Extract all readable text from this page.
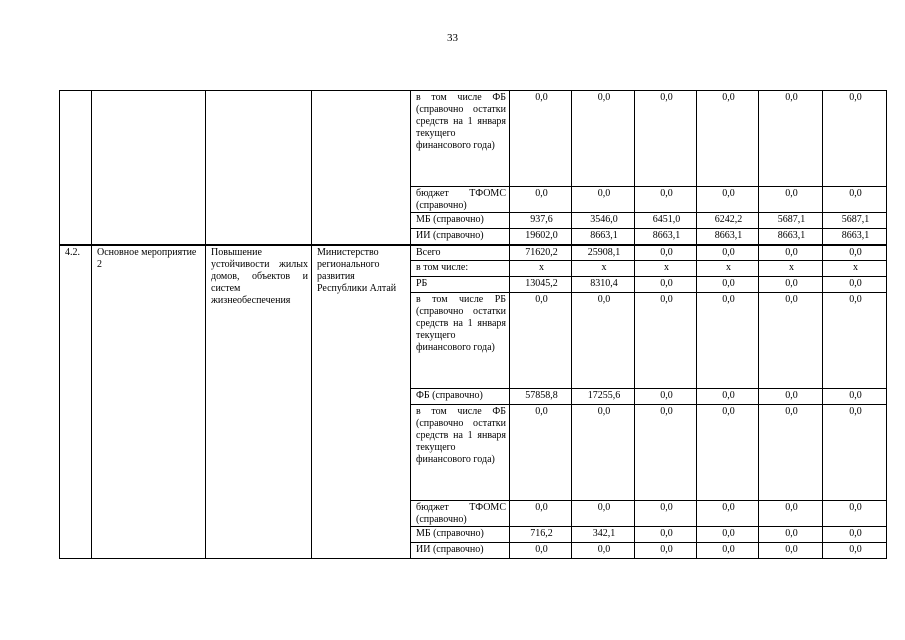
33
				в том числе ФБ (справочно остатки средств на 1 января текущего финансового года)	0,0	0,0	0,0	0,0	0,0	0,0
				бюджет ТФОМС (справочно)	0,0	0,0	0,0	0,0	0,0	0,0
				МБ (справочно)	937,6	3546,0	6451,0	6242,2	5687,1	5687,1
				ИИ (справочно)	19602,0	8663,1	8663,1	8663,1	8663,1	8663,1
4.2.	Основное мероприятие 2	Повышение устойчивости жилых домов, объектов и систем жизнеобеспечения	Министерство регионального развития Республики Алтай	Всего	71620,2	25908,1	0,0	0,0	0,0	0,0
				в том числе:	х	х	х	х	х	х
				РБ	13045,2	8310,4	0,0	0,0	0,0	0,0
				в том числе РБ (справочно остатки средств на 1 января текущего финансового года)	0,0	0,0	0,0	0,0	0,0	0,0
				ФБ (справочно)	57858,8	17255,6	0,0	0,0	0,0	0,0
				в том числе ФБ (справочно остатки средств на 1 января текущего финансового года)	0,0	0,0	0,0	0,0	0,0	0,0
				бюджет ТФОМС (справочно)	0,0	0,0	0,0	0,0	0,0	0,0
				МБ (справочно)	716,2	342,1	0,0	0,0	0,0	0,0
				ИИ (справочно)	0,0	0,0	0,0	0,0	0,0	0,0
